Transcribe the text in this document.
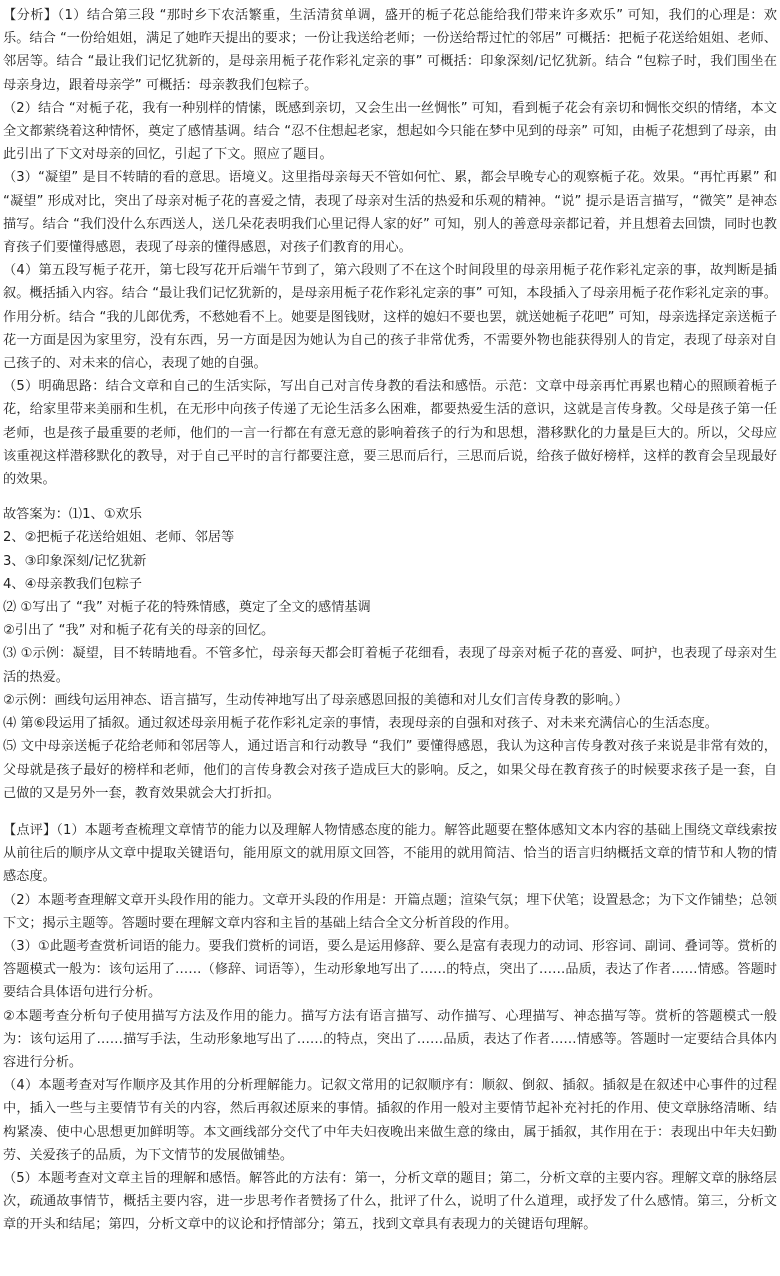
【分析】（1）结合第三段 “那时乡下农活繁重，生活清贫单调，盛开的栀子花总能给我们带来许多欢乐” 可知，我们的心理是：欢乐。结合 “一份给姐姐，满足了她昨天提出的要求；一份让我送给老师；一份送给帮过忙的邻居” 可概括：把栀子花送给姐姐、老师、邻居等。结合 “最让我们记忆犹新的，是母亲用栀子花作彩礼定亲的事” 可概括：印象深刻/记忆犹新。结合 “包粽子时，我们围坐在母亲身边，跟着母亲学” 可概括：母亲教我们包粽子。

（2）结合 “对栀子花，我有一种别样的情愫，既感到亲切，又会生出一丝惆怅” 可知，看到栀子花会有亲切和惆怅交织的情绪，本文全文都萦绕着这种情怀，奠定了感情基调。结合 “忍不住想起老家，想起如今只能在梦中见到的母亲” 可知，由栀子花想到了母亲，由此引出了下文对母亲的回忆，引起了下文。照应了题目。

（3）“凝望” 是目不转睛的看的意思。语境义。这里指母亲每天不管如何忙、累，都会早晚专心的观察栀子花。效果。“再忙再累” 和 “凝望” 形成对比，突出了母亲对栀子花的喜爱之情，表现了母亲对生活的热爱和乐观的精神。“说” 提示是语言描写，“微笑” 是神态描写。结合 “我们没什么东西送人，送几朵花表明我们心里记得人家的好” 可知，别人的善意母亲都记着，并且想着去回馈，同时也教育孩子们要懂得感恩，表现了母亲的懂得感恩，对孩子们教育的用心。

（4）第五段写栀子花开，第七段写花开后端午节到了，第六段则了不在这个时间段里的母亲用栀子花作彩礼定亲的事，故判断是插叙。概括插入内容。结合 “最让我们记忆犹新的，是母亲用栀子花作彩礼定亲的事” 可知，本段插入了母亲用栀子花作彩礼定亲的事。作用分析。结合 “我的儿郎优秀，不愁她看不上。她要是图钱财，这样的媳妇不要也罢，就送她栀子花吧” 可知，母亲选择定亲送栀子花一方面是因为家里穷，没有东西，另一方面是因为她认为自己的孩子非常优秀，不需要外物也能获得别人的肯定，表现了母亲对自己孩子的、对未来的信心，表现了她的自强。

（5）明确思路：结合文章和自己的生活实际，写出自己对言传身教的看法和感悟。示范：文章中母亲再忙再累也精心的照顾着栀子花，给家里带来美丽和生机，在无形中向孩子传递了无论生活多么困难，都要热爱生活的意识，这就是言传身教。父母是孩子第一任老师，也是孩子最重要的老师，他们的一言一行都在有意无意的影响着孩子的行为和思想，潜移默化的力量是巨大的。所以，父母应该重视这样潜移默化的教导，对于自己平时的言行都要注意，要三思而后行，三思而后说，给孩子做好榜样，这样的教育会呈现最好的效果。

故答案为：⑴1、①欢乐

2、②把栀子花送给姐姐、老师、邻居等

3、③印象深刻/记忆犹新

4、④母亲教我们包粽子

⑵ ①写出了 “我” 对栀子花的特殊情感，奠定了全文的感情基调

②引出了 “我” 对和栀子花有关的母亲的回忆。

⑶ ①示例：凝望，目不转睛地看。不管多忙，母亲每天都会盯着栀子花细看，表现了母亲对栀子花的喜爱、呵护，也表现了母亲对生活的热爱。

②示例：画线句运用神态、语言描写，生动传神地写出了母亲感恩回报的美德和对儿女们言传身教的影响。）

⑷ 第⑥段运用了插叙。通过叙述母亲用栀子花作彩礼定亲的事情，表现母亲的自强和对孩子、对未来充满信心的生活态度。

⑸ 文中母亲送栀子花给老师和邻居等人，通过语言和行动教导 “我们” 要懂得感恩，我认为这种言传身教对孩子来说是非常有效的，父母就是孩子最好的榜样和老师，他们的言传身教会对孩子造成巨大的影响。反之，如果父母在教育孩子的时候要求孩子是一套，自己做的又是另外一套，教育效果就会大打折扣。

【点评】（1）本题考查梳理文章情节的能力以及理解人物情感态度的能力。解答此题要在整体感知文本内容的基础上围绕文章线索按从前往后的顺序从文章中提取关键语句，能用原文的就用原文回答，不能用的就用简洁、恰当的语言归纳概括文章的情节和人物的情感态度。

（2）本题考查理解文章开头段作用的能力。文章开头段的作用是：开篇点题；渲染气氛；埋下伏笔；设置悬念；为下文作铺垫；总领下文；揭示主题等。答题时要在理解文章内容和主旨的基础上结合全文分析首段的作用。

（3）①此题考查赏析词语的能力。要我们赏析的词语，要么是运用修辞、要么是富有表现力的动词、形容词、副词、叠词等。赏析的答题模式一般为：该句运用了……（修辞、词语等），生动形象地写出了……的特点，突出了……品质，表达了作者……情感。答题时要结合具体语句进行分析。

②本题考查分析句子使用描写方法及作用的能力。描写方法有语言描写、动作描写、心理描写、神态描写等。赏析的答题模式一般为：该句运用了……描写手法，生动形象地写出了……的特点，突出了……品质，表达了作者……情感等。答题时一定要结合具体内容进行分析。

（4）本题考查对写作顺序及其作用的分析理解能力。记叙文常用的记叙顺序有：顺叙、倒叙、插叙。插叙是在叙述中心事件的过程中，插入一些与主要情节有关的内容，然后再叙述原来的事情。插叙的作用一般对主要情节起补充衬托的作用、使文章脉络清晰、结构紧凑、使中心思想更加鲜明等。本文画线部分交代了中年夫妇夜晚出来做生意的缘由，属于插叙，其作用在于：表现出中年夫妇勤劳、关爱孩子的品质，为下文情节的发展做铺垫。

（5）本题考查对文章主旨的理解和感悟。解答此的方法有：第一，分析文章的题目；第二，分析文章的主要内容。理解文章的脉络层次，疏通故事情节，概括主要内容，进一步思考作者赞扬了什么，批评了什么，说明了什么道理，或抒发了什么感情。第三，分析文章的开头和结尾；第四，分析文章中的议论和抒情部分；第五，找到文章具有表现力的关键语句理解。
